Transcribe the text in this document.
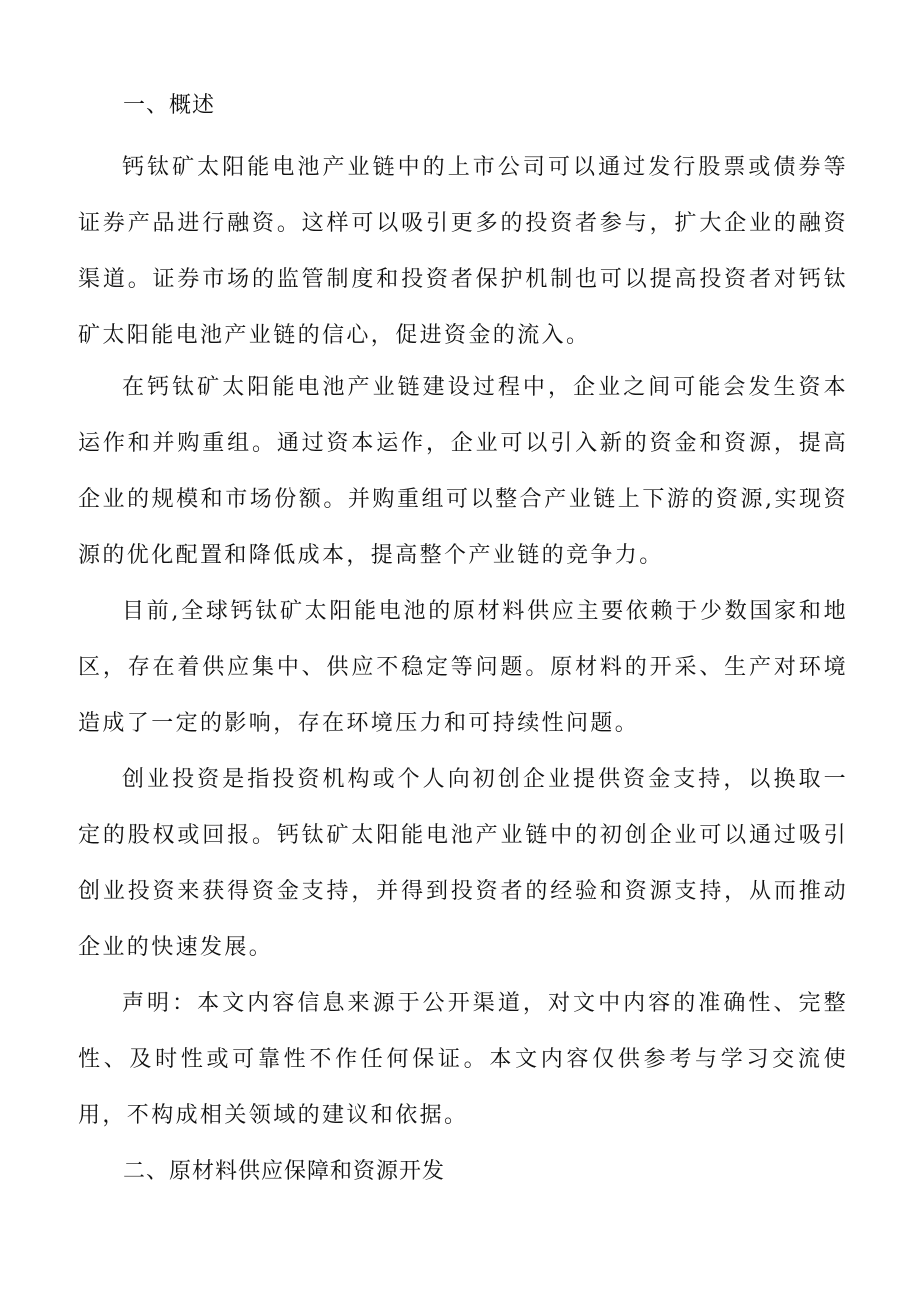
一、概述

钙钛矿太阳能电池产业链中的上市公司可以通过发行股票或债券等证券产品进行融资。这样可以吸引更多的投资者参与，扩大企业的融资渠道。证券市场的监管制度和投资者保护机制也可以提高投资者对钙钛矿太阳能电池产业链的信心，促进资金的流入。

在钙钛矿太阳能电池产业链建设过程中，企业之间可能会发生资本运作和并购重组。通过资本运作，企业可以引入新的资金和资源，提高企业的规模和市场份额。并购重组可以整合产业链上下游的资源,实现资源的优化配置和降低成本，提高整个产业链的竞争力。

目前,全球钙钛矿太阳能电池的原材料供应主要依赖于少数国家和地区，存在着供应集中、供应不稳定等问题。原材料的开采、生产对环境造成了一定的影响，存在环境压力和可持续性问题。

创业投资是指投资机构或个人向初创企业提供资金支持，以换取一定的股权或回报。钙钛矿太阳能电池产业链中的初创企业可以通过吸引创业投资来获得资金支持，并得到投资者的经验和资源支持，从而推动企业的快速发展。

声明：本文内容信息来源于公开渠道，对文中内容的准确性、完整性、及时性或可靠性不作任何保证。本文内容仅供参考与学习交流使用，不构成相关领域的建议和依据。

二、原材料供应保障和资源开发
